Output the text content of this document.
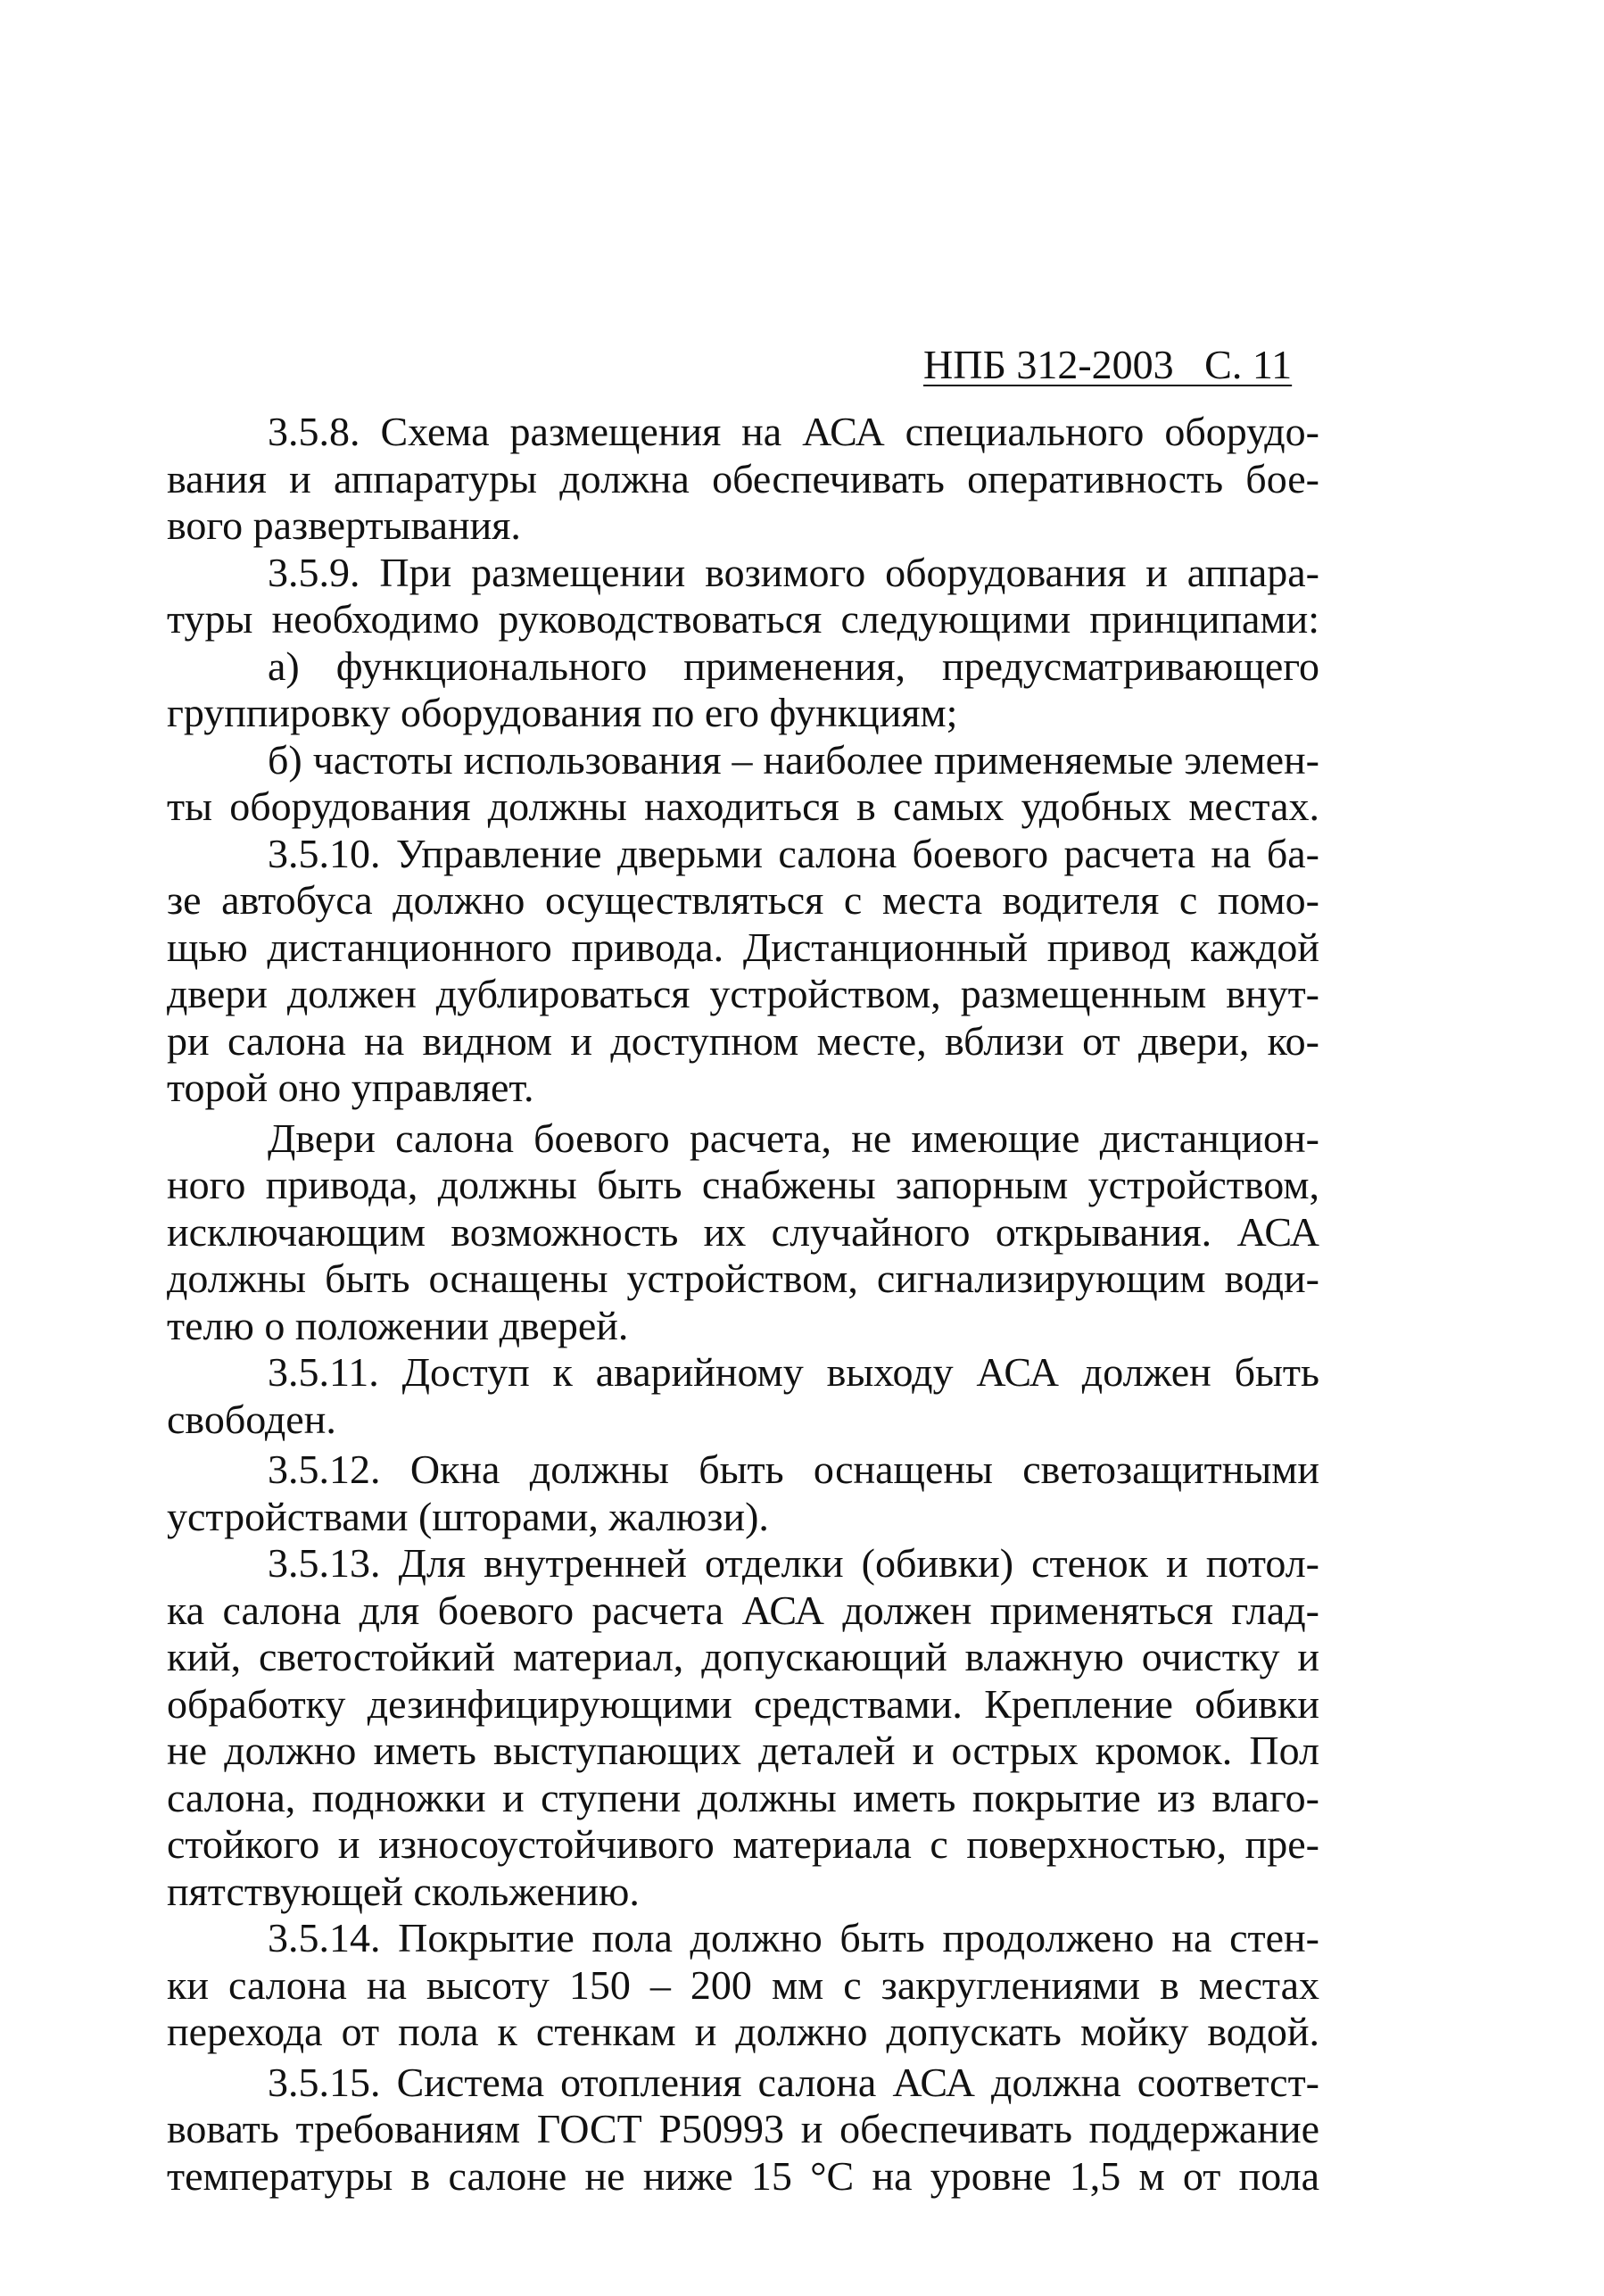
НПБ 312-2003   С. 11
3.5.8. Схема размещения на АСА специального оборудо-
вания и аппаратуры должна обеспечивать оперативность бое-
вого развертывания.
3.5.9. При размещении возимого оборудования и аппара-
туры необходимо руководствоваться следующими принципами:
а) функционального применения, предусматривающего
группировку оборудования по его функциям;
б) частоты использования – наиболее применяемые элемен-
ты оборудования должны находиться в самых удобных местах.
3.5.10. Управление дверьми салона боевого расчета на ба-
зе автобуса должно осуществляться с места водителя с помо-
щью дистанционного привода. Дистанционный привод каждой
двери должен дублироваться устройством, размещенным внут-
ри салона на видном и доступном месте, вблизи от двери, ко-
торой оно управляет.
Двери салона боевого расчета, не имеющие дистанцион-
ного привода, должны быть снабжены запорным устройством,
исключающим возможность их случайного открывания. АСА
должны быть оснащены устройством, сигнализирующим води-
телю о положении дверей.
3.5.11. Доступ к аварийному выходу АСА должен быть
свободен.
3.5.12. Окна должны быть оснащены светозащитными
устройствами (шторами, жалюзи).
3.5.13. Для внутренней отделки (обивки) стенок и потол-
ка салона для боевого расчета АСА должен применяться глад-
кий, светостойкий материал, допускающий влажную очистку и
обработку дезинфицирующими средствами. Крепление обивки
не должно иметь выступающих деталей и острых кромок. Пол
салона, подножки и ступени должны иметь покрытие из влаго-
стойкого и износоустойчивого материала с поверхностью, пре-
пятствующей скольжению.
3.5.14. Покрытие пола должно быть продолжено на стен-
ки салона на высоту 150 – 200 мм с закруглениями в местах
перехода от пола к стенкам и должно допускать мойку водой.
3.5.15. Система отопления салона АСА должна соответст-
вовать требованиям ГОСТ Р50993 и обеспечивать поддержание
температуры в салоне не ниже 15 °С на уровне 1,5 м от пола
